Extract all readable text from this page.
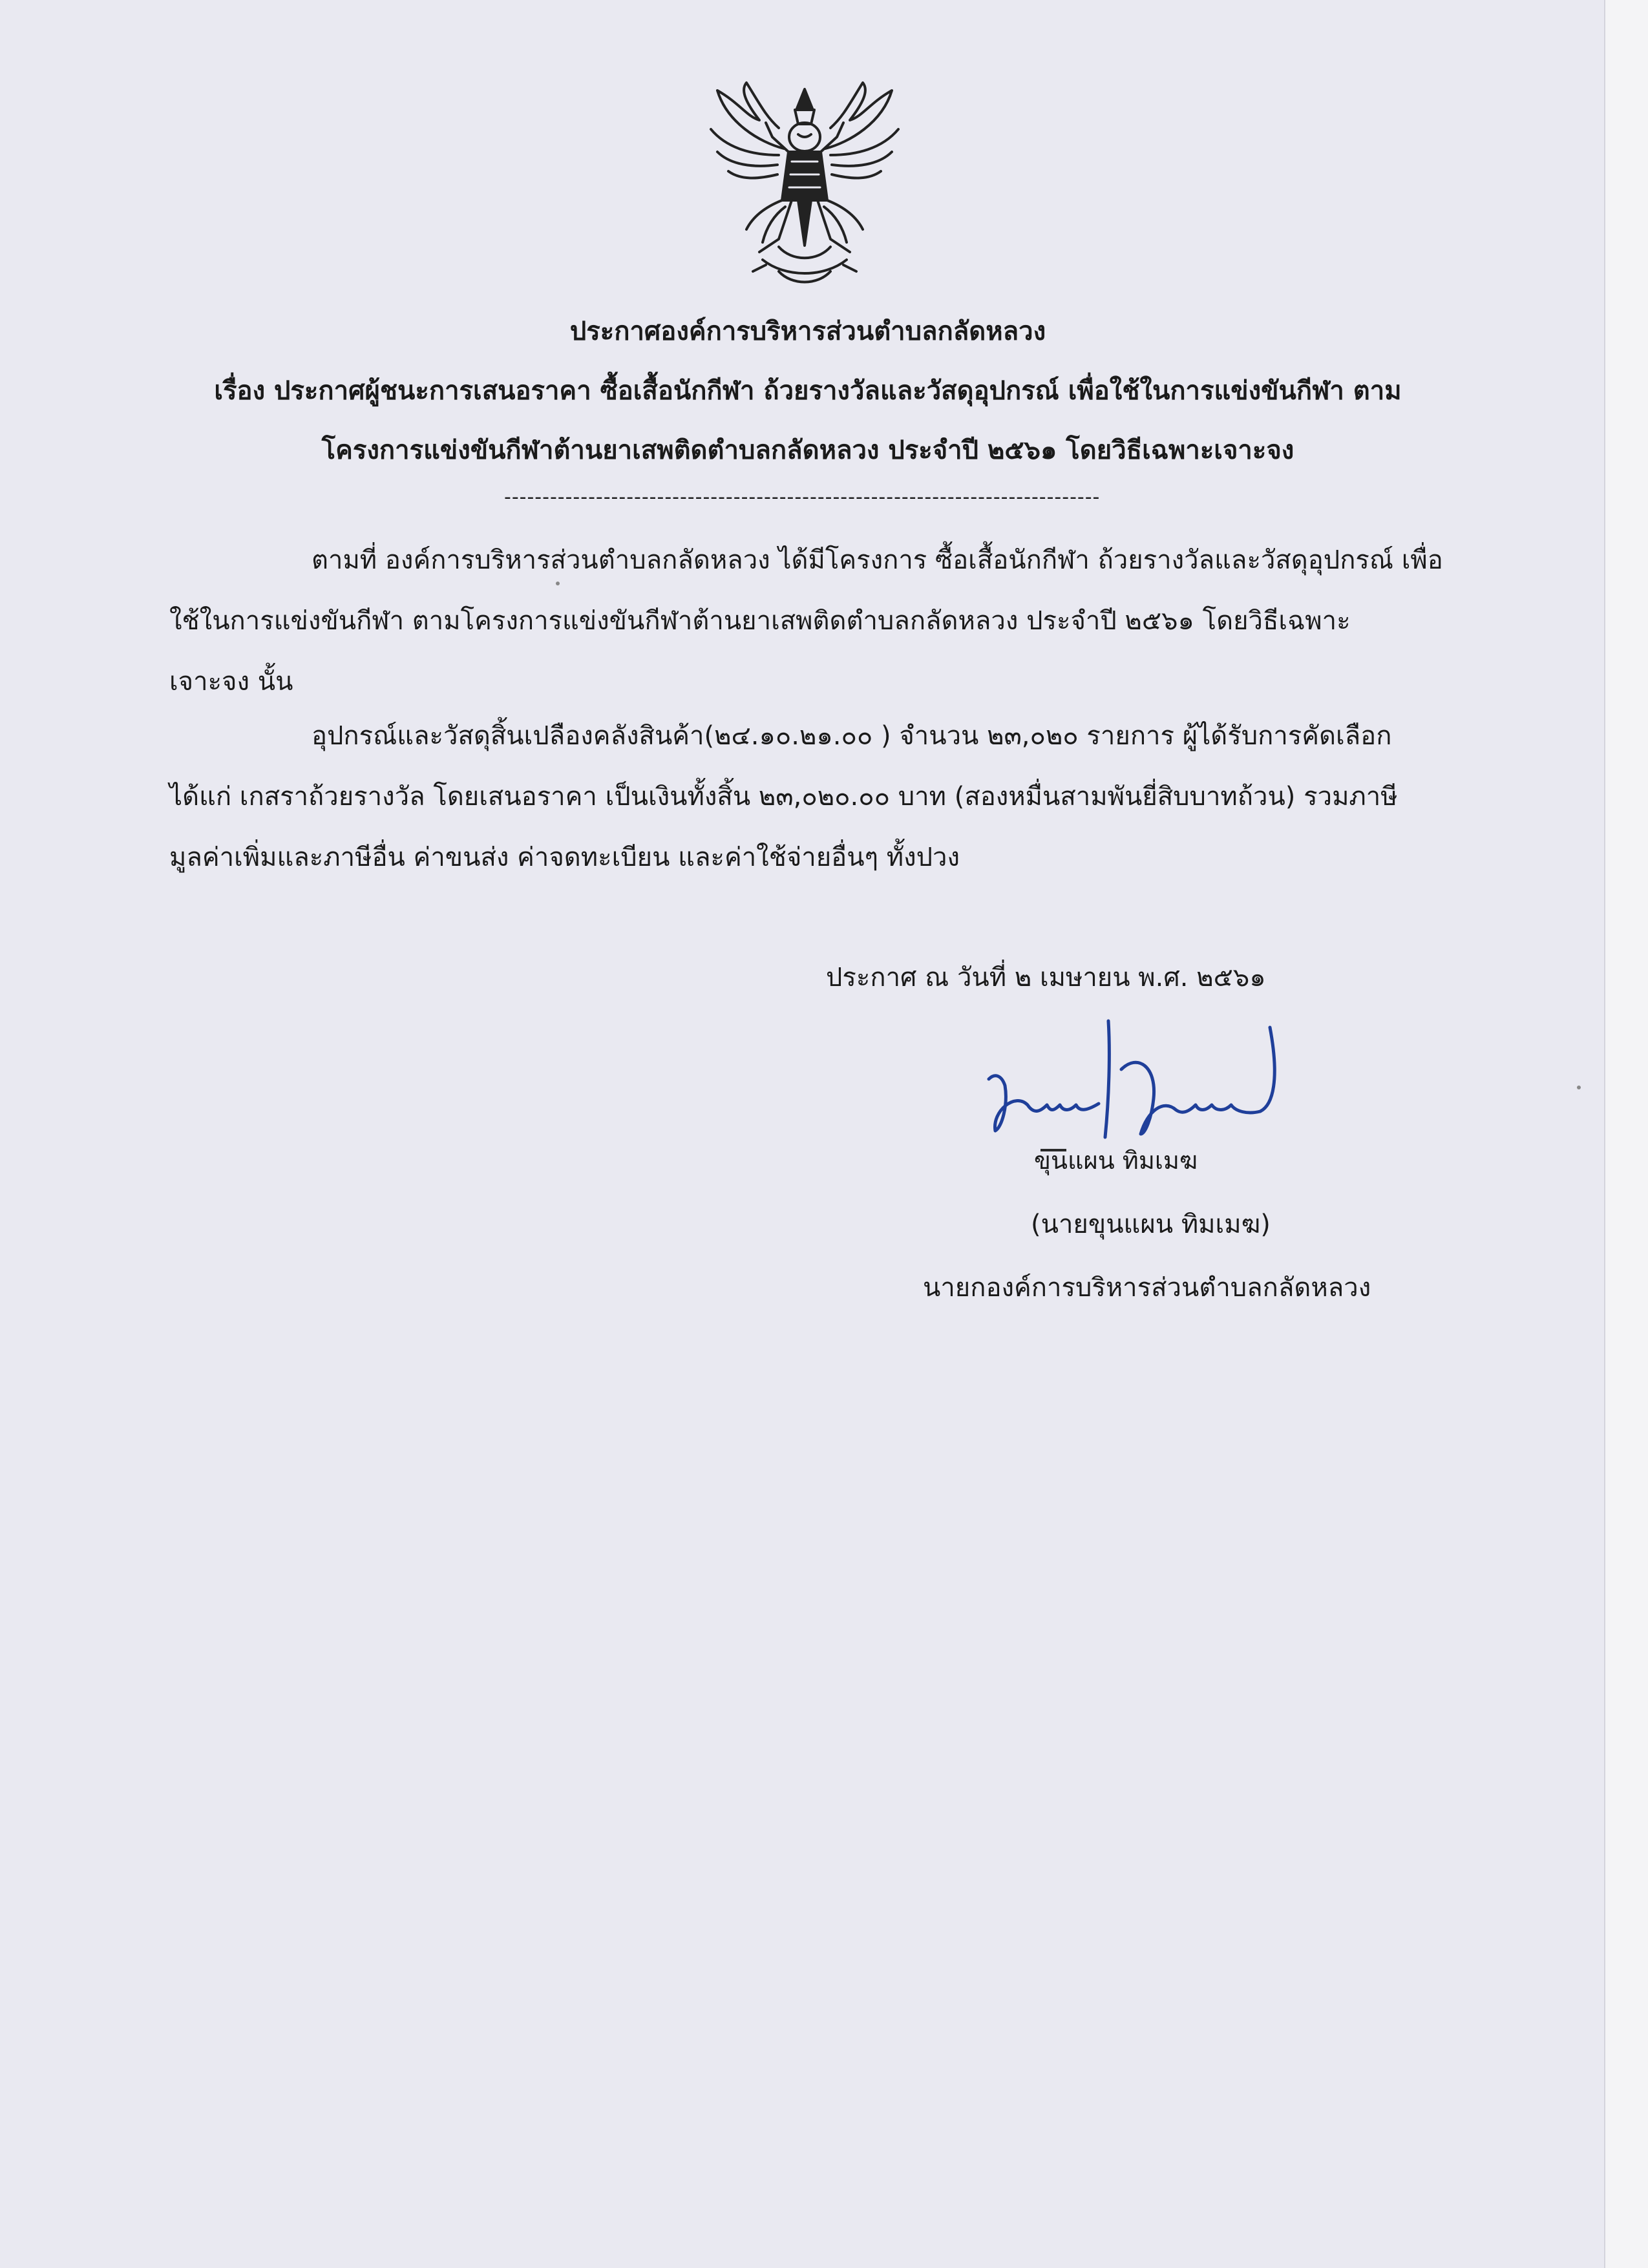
ประกาศองค์การบริหารส่วนตำบลกลัดหลวง
เรื่อง ประกาศผู้ชนะการเสนอราคา ซื้อเสื้อนักกีฬา ถ้วยรางวัลและวัสดุอุปกรณ์ เพื่อใช้ในการแข่งขันกีฬา ตาม
โครงการแข่งขันกีฬาต้านยาเสพติดตำบลกลัดหลวง ประจำปี ๒๕๖๑ โดยวิธีเฉพาะเจาะจง
------------------------------------------------------------------------------
ตามที่ องค์การบริหารส่วนตำบลกลัดหลวง ได้มีโครงการ ซื้อเสื้อนักกีฬา ถ้วยรางวัลและวัสดุอุปกรณ์ เพื่อ
ใช้ในการแข่งขันกีฬา ตามโครงการแข่งขันกีฬาต้านยาเสพติดตำบลกลัดหลวง ประจำปี ๒๕๖๑ โดยวิธีเฉพาะ
เจาะจง นั้น
อุปกรณ์และวัสดุสิ้นเปลืองคลังสินค้า(๒๔.๑๐.๒๑.๐๐ ) จำนวน ๒๓,๐๒๐ รายการ ผู้ได้รับการคัดเลือก
ได้แก่ เกสราถ้วยรางวัล โดยเสนอราคา เป็นเงินทั้งสิ้น ๒๓,๐๒๐.๐๐ บาท (สองหมื่นสามพันยี่สิบบาทถ้วน) รวมภาษี
มูลค่าเพิ่มและภาษีอื่น ค่าขนส่ง ค่าจดทะเบียน และค่าใช้จ่ายอื่นๆ ทั้งปวง
ประกาศ ณ วันที่ ๒ เมษายน พ.ศ. ๒๕๖๑
ขุนแผน ทิมเมฆ
(นายขุนแผน ทิมเมฆ)
นายกองค์การบริหารส่วนตำบลกลัดหลวง
